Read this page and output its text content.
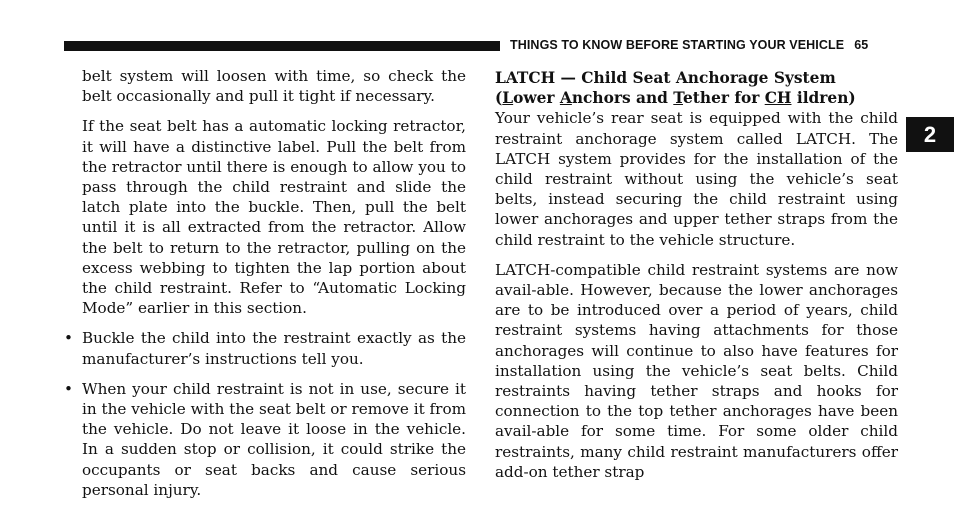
THINGS TO KNOW BEFORE STARTING YOUR VEHICLE 65

belt system will loosen with time, so check the belt occasionally and pull it tight if necessary.

If the seat belt has a automatic locking retractor, it will have a distinctive label. Pull the belt from the retractor until there is enough to allow you to pass through the child restraint and slide the latch plate into the buckle. Then, pull the belt until it is all extracted from the retractor. Allow the belt to return to the retractor, pulling on the excess webbing to tighten the lap portion about the child restraint. Refer to “Automatic Locking Mode” earlier in this section.

• Buckle the child into the restraint exactly as the manufacturer’s instructions tell you.
• When your child restraint is not in use, secure it in the vehicle with the seat belt or remove it from the vehicle. Do not leave it loose in the vehicle. In a sudden stop or collision, it could strike the occupants or seat backs and cause serious personal injury.
LATCH — Child Seat Anchorage System (Lower Anchors and Tether for CH ildren)

Your vehicle’s rear seat is equipped with the child restraint anchorage system called LATCH. The LATCH system provides for the installation of the child restraint without using the vehicle’s seat belts, instead securing the child restraint using lower anchorages and upper tether straps from the child restraint to the vehicle structure.

LATCH-compatible child restraint systems are now avail-able. However, because the lower anchorages are to be introduced over a period of years, child restraint systems having attachments for those anchorages will continue to also have features for installation using the vehicle’s seat belts. Child restraints having tether straps and hooks for connection to the top tether anchorages have been avail-able for some time. For some older child restraints, many child restraint manufacturers offer add-on tether strap

2
